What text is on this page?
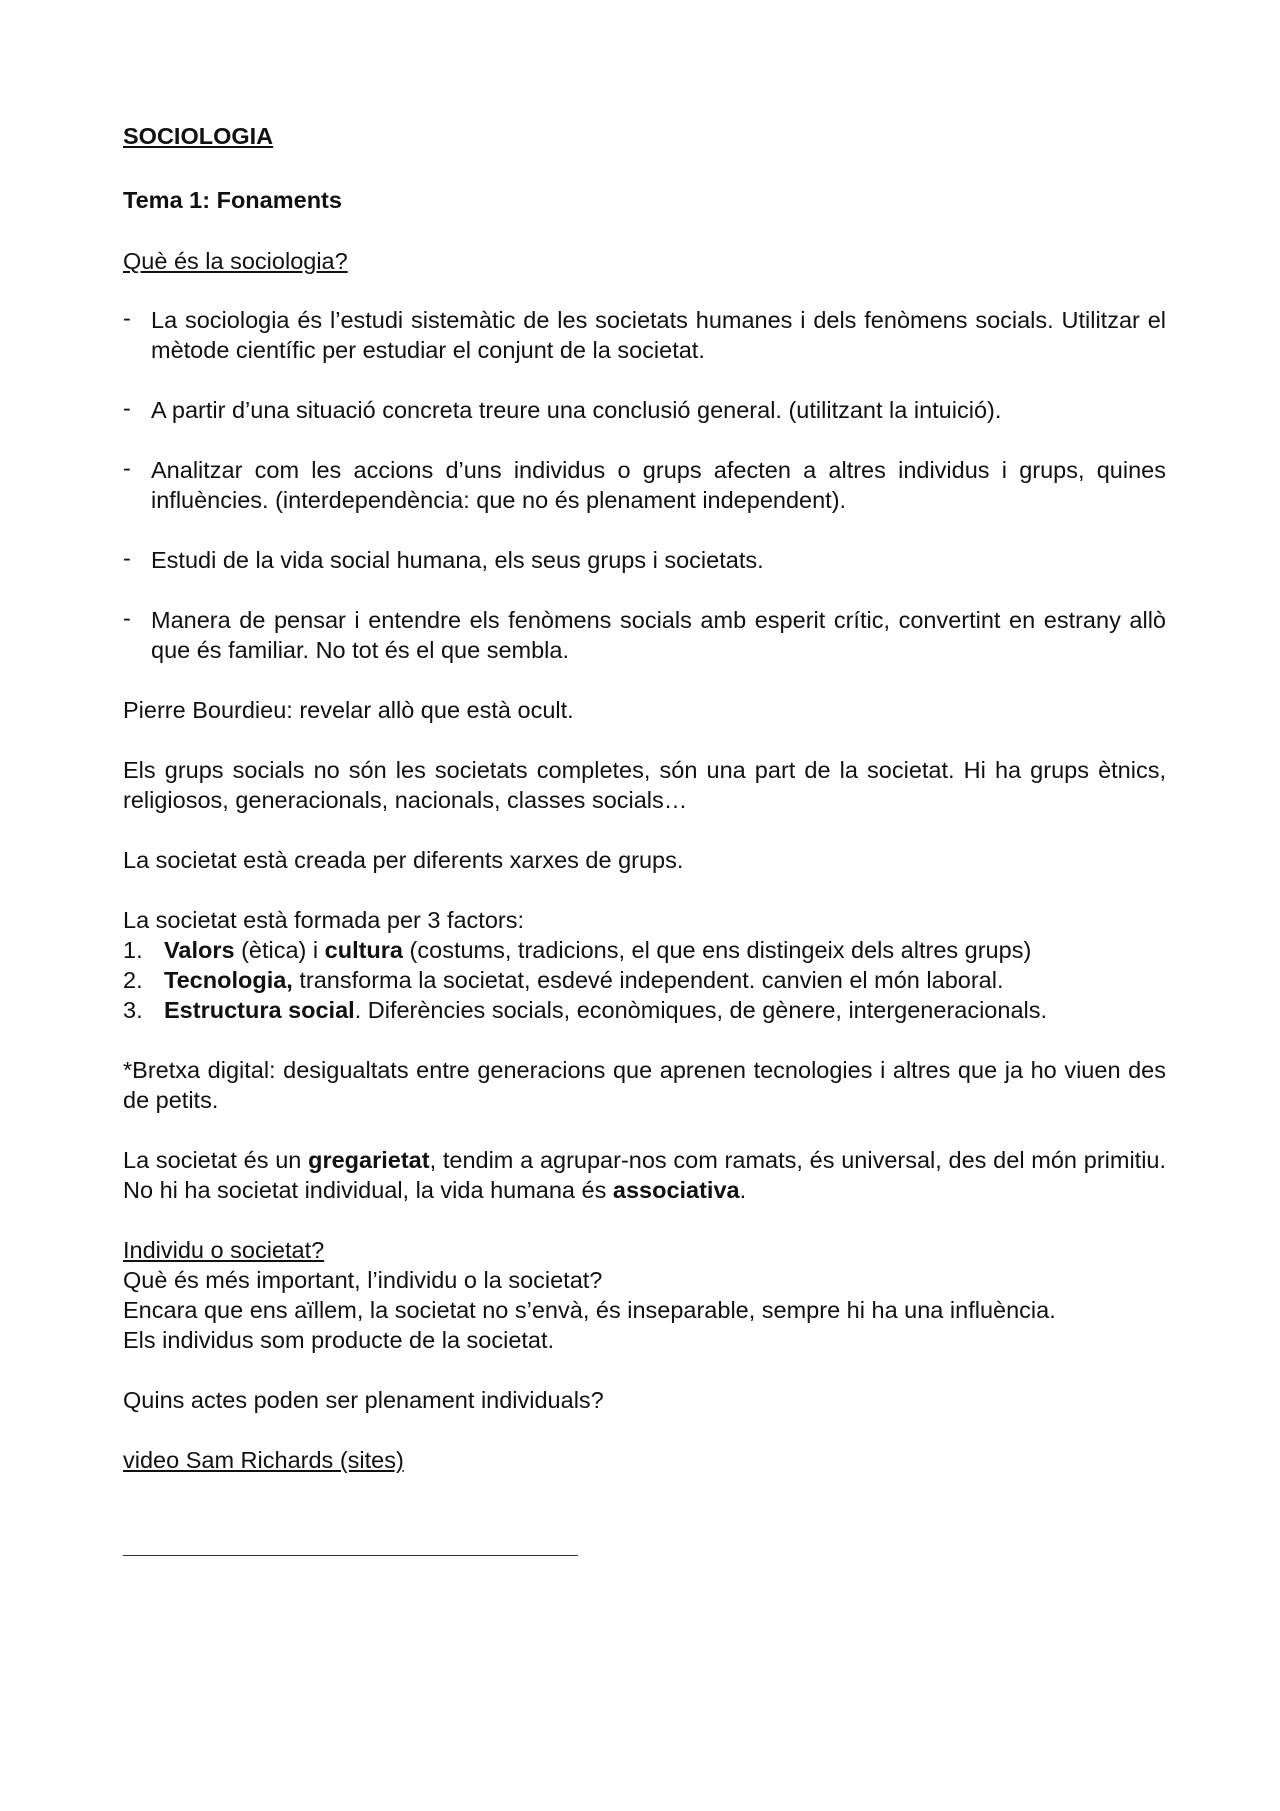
SOCIOLOGIA

Tema 1: Fonaments

Què és la sociologia?

- La sociologia és l’estudi sistemàtic de les societats humanes i dels fenòmens socials. Utilitzar el mètode científic per estudiar el conjunt de la societat.
- A partir d’una situació concreta treure una conclusió general. (utilitzant la intuició).
- Analitzar com les accions d’uns individus o grups afecten a altres individus i grups, quines influències. (interdependència: que no és plenament independent).
- Estudi de la vida social humana, els seus grups i societats.
- Manera de pensar i entendre els fenòmens socials amb esperit crític, convertint en estrany allò que és familiar. No tot és el que sembla.

Pierre Bourdieu: revelar allò que està ocult.

Els grups socials no són les societats completes, són una part de la societat. Hi ha grups ètnics, religiosos, generacionals, nacionals, classes socials…

La societat està creada per diferents xarxes de grups.

La societat està formada per 3 factors:

1. Valors (ètica) i cultura (costums, tradicions, el que ens distingeix dels altres grups)
2. Tecnologia, transforma la societat, esdevé independent. canvien el món laboral.
3. Estructura social. Diferències socials, econòmiques, de gènere, intergeneracionals.

*Bretxa digital: desigualtats entre generacions que aprenen tecnologies i altres que ja ho viuen des de petits.

La societat és un gregarietat, tendim a agrupar-nos com ramats, és universal, des del món primitiu. No hi ha societat individual, la vida humana és associativa.

Individu o societat?

Què és més important, l’individu o la societat?

Encara que ens aïllem, la societat no s’envà, és inseparable, sempre hi ha una influència.

Els individus som producte de la societat.

Quins actes poden ser plenament individuals?

video Sam Richards (sites)
